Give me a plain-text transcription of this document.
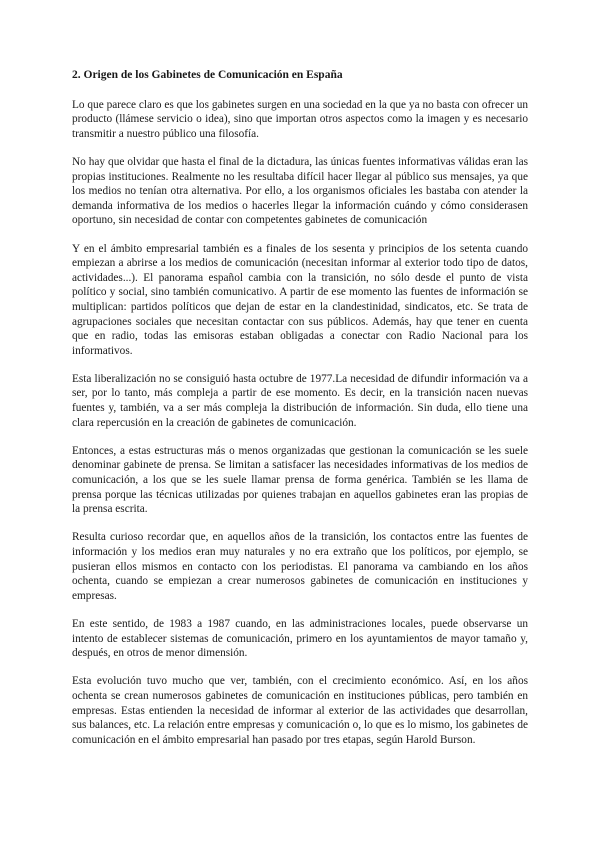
2. Origen de los Gabinetes de Comunicación en España

Lo que parece claro es que los gabinetes surgen en una sociedad en la que ya no basta con ofrecer un producto (llámese servicio o idea), sino que importan otros aspectos como la imagen y es necesario transmitir a nuestro público una filosofía.

No hay que olvidar que hasta el final de la dictadura, las únicas fuentes informativas válidas eran las propias instituciones. Realmente no les resultaba difícil hacer llegar al público sus mensajes, ya que los medios no tenían otra alternativa. Por ello, a los organismos oficiales les bastaba con atender la demanda informativa de los medios o hacerles llegar la información cuándo y cómo considerasen oportuno, sin necesidad de contar con competentes gabinetes de comunicación

Y en el ámbito empresarial también es a finales de los sesenta y principios de los setenta cuando empiezan a abrirse a los medios de comunicación (necesitan informar al exterior todo tipo de datos, actividades...). El panorama español cambia con la transición, no sólo desde el punto de vista político y social, sino también comunicativo. A partir de ese momento las fuentes de información se multiplican: partidos políticos que dejan de estar en la clandestinidad, sindicatos, etc. Se trata de agrupaciones sociales que necesitan contactar con sus públicos. Además, hay que tener en cuenta que en radio, todas las emisoras estaban obligadas a conectar con Radio Nacional para los informativos.

Esta liberalización no se consiguió hasta octubre de 1977.La necesidad de difundir información va a ser, por lo tanto, más compleja a partir de ese momento. Es decir, en la transición nacen nuevas fuentes y, también, va a ser más compleja la distribución de información. Sin duda, ello tiene una clara repercusión en la creación de gabinetes de comunicación.

Entonces, a estas estructuras más o menos organizadas que gestionan la comunicación se les suele denominar gabinete de prensa. Se limitan a satisfacer las necesidades informativas de los medios de comunicación, a los que se les suele llamar prensa de forma genérica. También se les llama de prensa porque las técnicas utilizadas por quienes trabajan en aquellos gabinetes eran las propias de la prensa escrita.

Resulta curioso recordar que, en aquellos años de la transición, los contactos entre las fuentes de información y los medios eran muy naturales y no era extraño que los políticos, por ejemplo, se pusieran ellos mismos en contacto con los periodistas. El panorama va cambiando en los años ochenta, cuando se empiezan a crear numerosos gabinetes de comunicación en instituciones y empresas.

En este sentido, de 1983 a 1987 cuando, en las administraciones locales, puede observarse un intento de establecer sistemas de comunicación, primero en los ayuntamientos de mayor tamaño y, después, en otros de menor dimensión.

Esta evolución tuvo mucho que ver, también, con el crecimiento económico. Así, en los años ochenta se crean numerosos gabinetes de comunicación en instituciones públicas, pero también en empresas. Estas entienden la necesidad de informar al exterior de las actividades que desarrollan, sus balances, etc. La relación entre empresas y comunicación o, lo que es lo mismo, los gabinetes de comunicación en el ámbito empresarial han pasado por tres etapas, según Harold Burson.
